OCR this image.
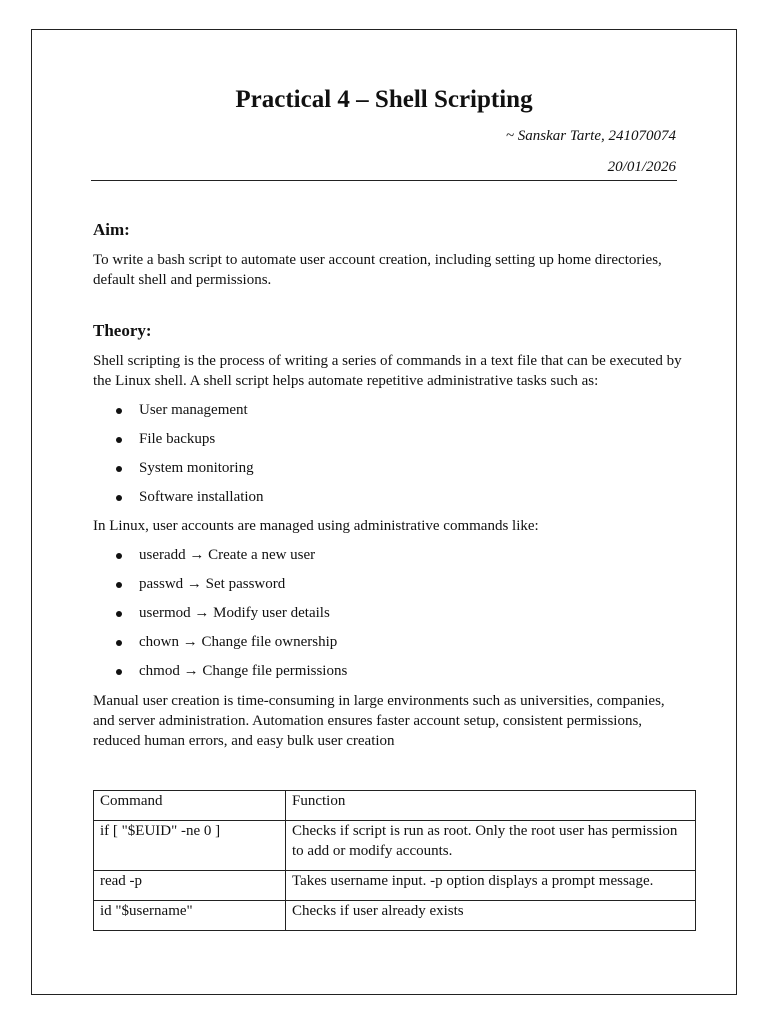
Practical 4 – Shell Scripting

~ Sanskar Tarte, 241070074

20/01/2026

Aim:

To write a bash script to automate user account creation, including setting up home directories, default shell and permissions.

Theory:

Shell scripting is the process of writing a series of commands in a text file that can be executed by the Linux shell. A shell script helps automate repetitive administrative tasks such as:

User management
File backups
System monitoring
Software installation

In Linux, user accounts are managed using administrative commands like:

useradd → Create a new user
passwd → Set password
usermod → Modify user details
chown → Change file ownership
chmod → Change file permissions

Manual user creation is time-consuming in large environments such as universities, companies, and server administration. Automation ensures faster account setup, consistent permissions, reduced human errors, and easy bulk user creation

Command	Function
if [ "$EUID" -ne 0 ]	Checks if script is run as root. Only the root user has permission to add or modify accounts.
read -p	Takes username input. -p option displays a prompt message.
id "$username"	Checks if user already exists
